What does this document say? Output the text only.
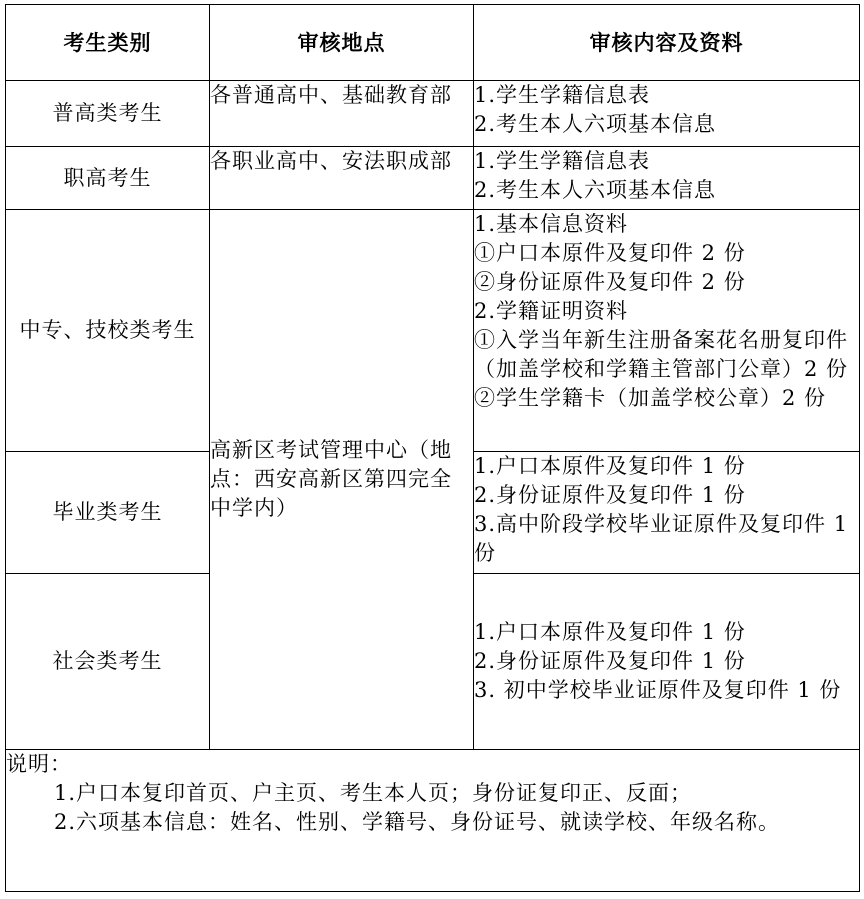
考生类别	审核地点	审核内容及资料
普高类考生	各普通高中、基础教育部	1.学生学籍信息表
2.考生本人六项基本信息

职高考生	各职业高中、安法职成部	1.学生学籍信息表
2.考生本人六项基本信息

中专、技校类考生	高新区考试管理中心（地点：西安高新区第四完全中学内）	1.基本信息资料
①户口本原件及复印件 2 份
②身份证原件及复印件 2 份
2.学籍证明资料
①入学当年新生注册备案花名册复印件（加盖学校和学籍主管部门公章）2 份②学生学籍卡（加盖学校公章）2 份

毕业类考生		1.户口本原件及复印件 1 份
2.身份证原件及复印件 1 份
3.高中阶段学校毕业证原件及复印件 1 份

社会类考生		1.户口本原件及复印件 1 份
2.身份证原件及复印件 1 份
3. 初中学校毕业证原件及复印件 1 份

说明：
1.户口本复印首页、户主页、考生本人页；身份证复印正、反面；
2.六项基本信息：姓名、性别、学籍号、身份证号、就读学校、年级名称。		
